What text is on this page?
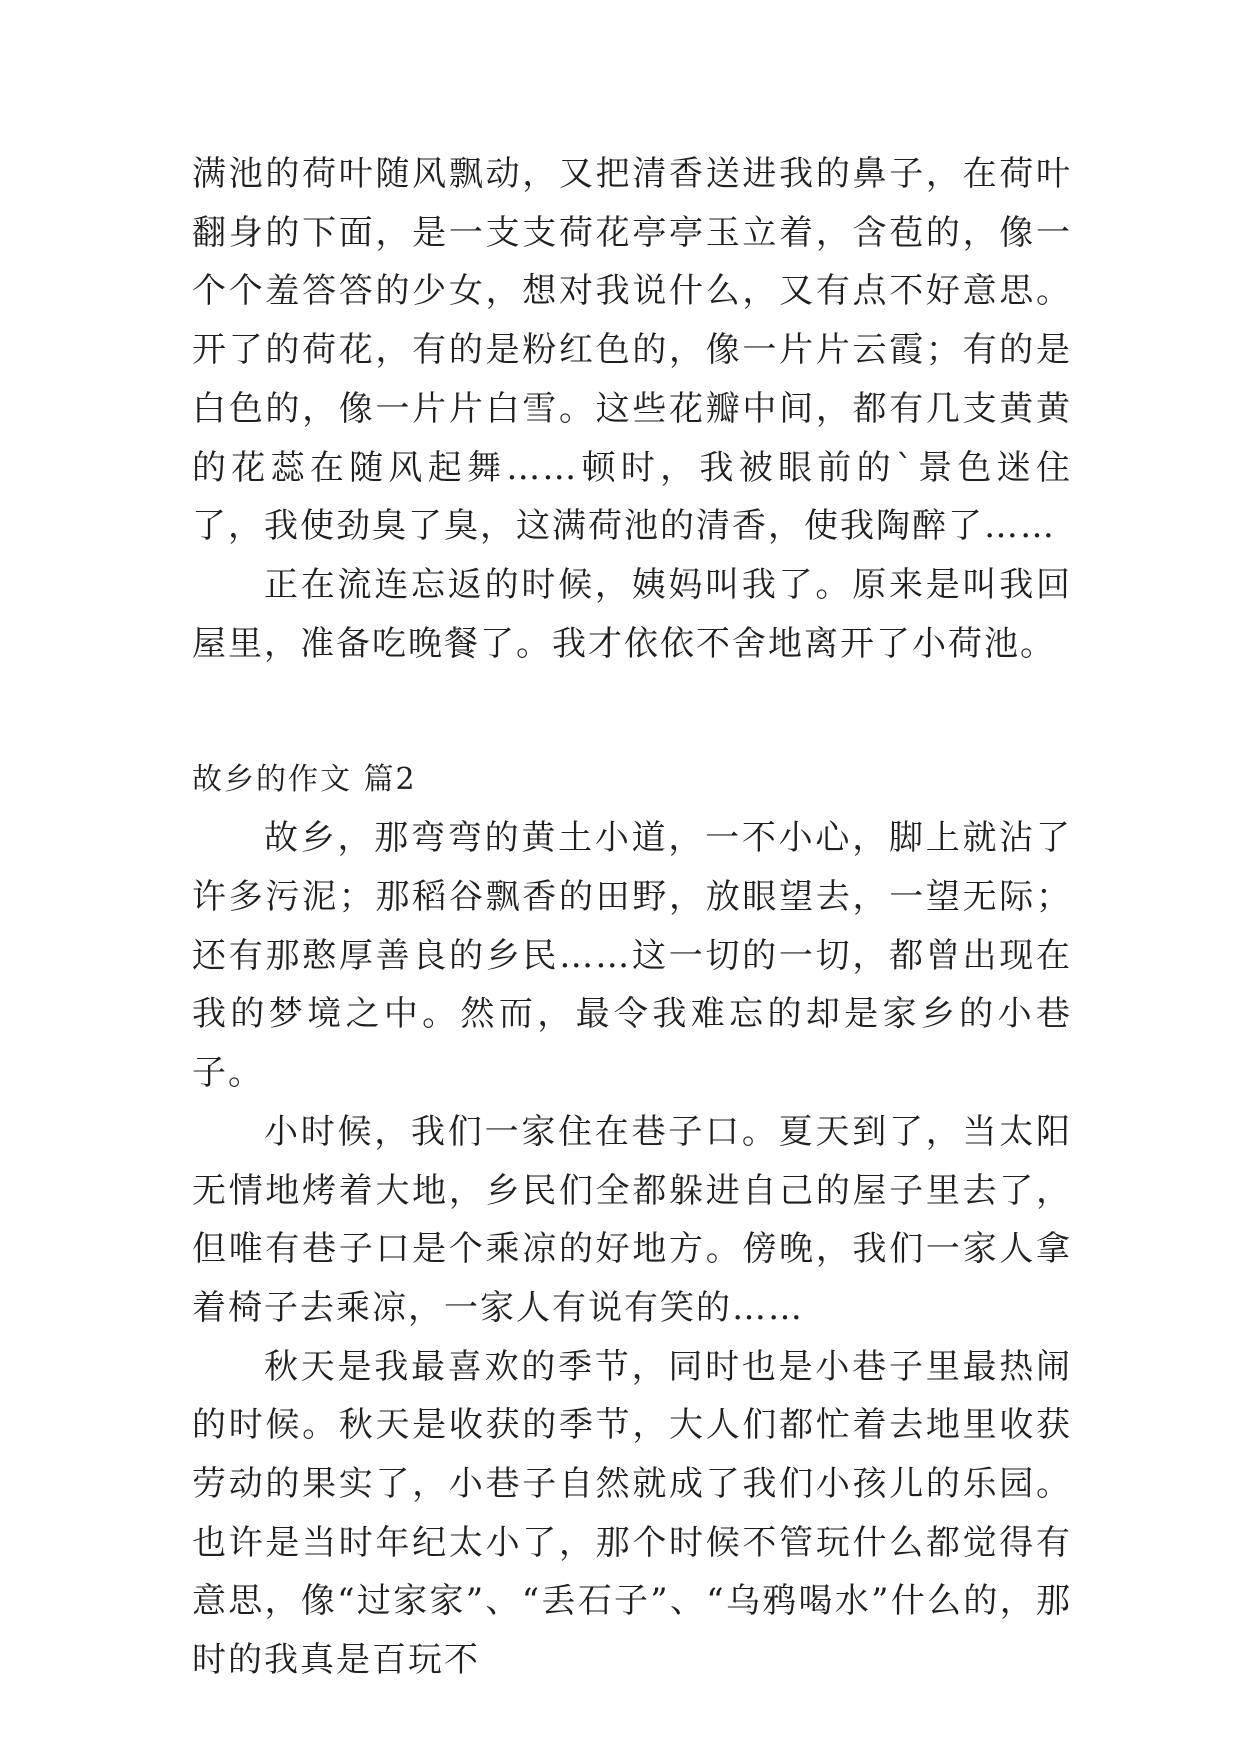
满池的荷叶随风飘动，又把清香送进我的鼻子，在荷叶翻身的下面，是一支支荷花亭亭玉立着，含苞的，像一个个羞答答的少女，想对我说什么，又有点不好意思。开了的荷花，有的是粉红色的，像一片片云霞；有的是白色的，像一片片白雪。这些花瓣中间，都有几支黄黄的花蕊在随风起舞……顿时，我被眼前的`景色迷住了，我使劲臭了臭，这满荷池的清香，使我陶醉了……

正在流连忘返的时候，姨妈叫我了。原来是叫我回屋里，准备吃晚餐了。我才依依不舍地离开了小荷池。

故乡的作文 篇2

故乡，那弯弯的黄土小道，一不小心，脚上就沾了许多污泥；那稻谷飘香的田野，放眼望去，一望无际；还有那憨厚善良的乡民……这一切的一切，都曾出现在我的梦境之中。然而，最令我难忘的却是家乡的小巷子。

小时候，我们一家住在巷子口。夏天到了，当太阳无情地烤着大地，乡民们全都躲进自己的屋子里去了，但唯有巷子口是个乘凉的好地方。傍晚，我们一家人拿着椅子去乘凉，一家人有说有笑的……

秋天是我最喜欢的季节，同时也是小巷子里最热闹的时候。秋天是收获的季节，大人们都忙着去地里收获劳动的果实了，小巷子自然就成了我们小孩儿的乐园。也许是当时年纪太小了，那个时候不管玩什么都觉得有意思，像“过家家”、“丢石子”、“乌鸦喝水”什么的，那时的我真是百玩不
